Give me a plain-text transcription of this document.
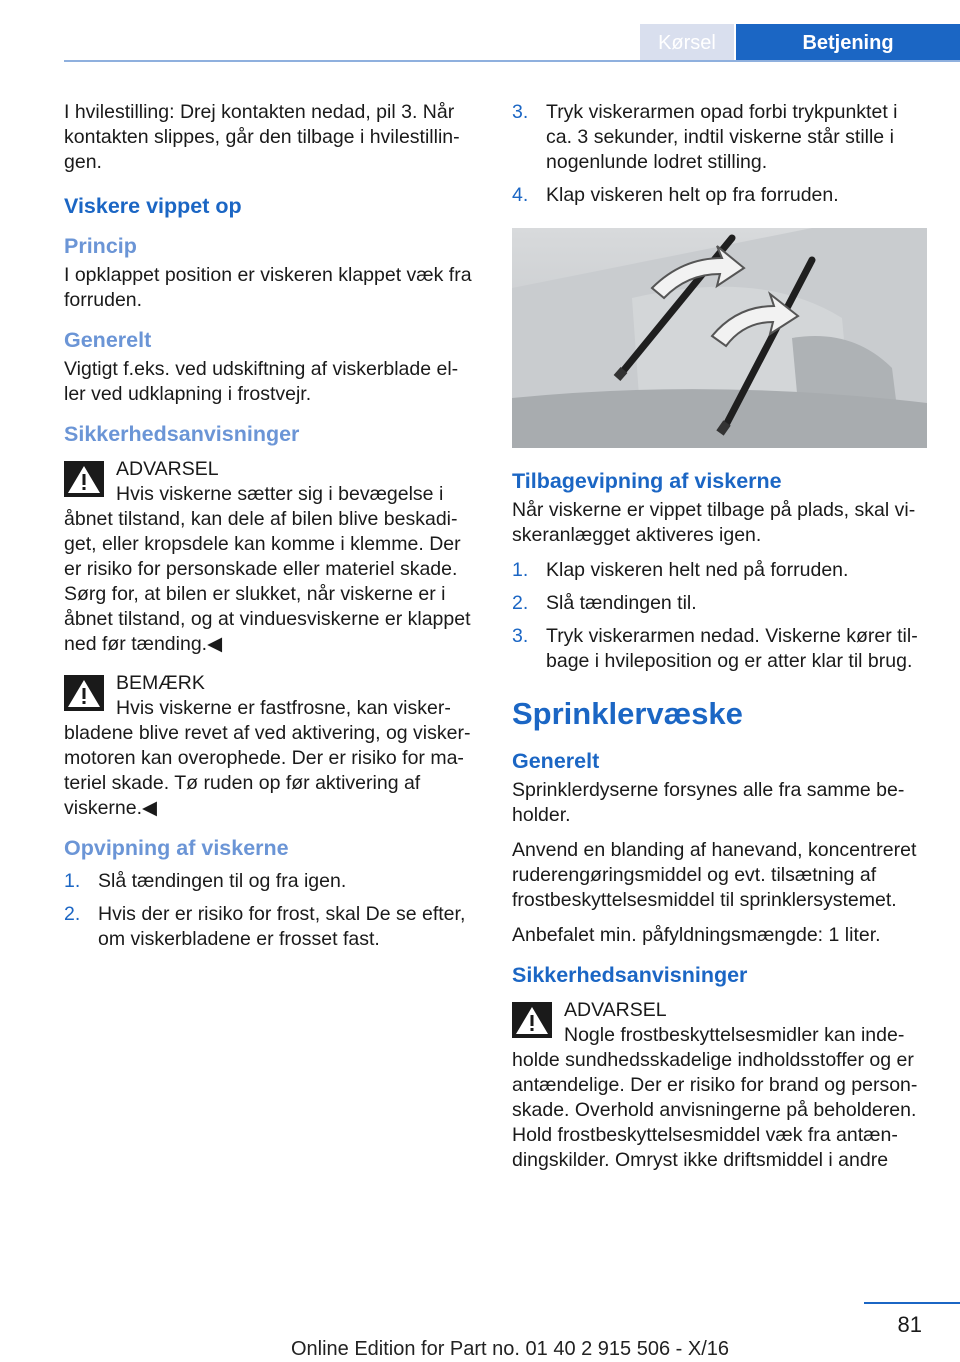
Kørsel	Betjening

I hvilestilling: Drej kontakten nedad, pil 3. Når kontakten slippes, går den tilbage i hvilestillin‐gen.

Viskere vippet op
Princip

I opklappet position er viskeren klappet væk fra forruden.

Generelt

Vigtigt f.eks. ved udskiftning af viskerblade el‐ler ved udklapning i frostvejr.

Sikkerhedsanvisninger

ADVARSEL
Hvis viskerne sætter sig i bevægelse i åbnet tilstand, kan dele af bilen blive beskadi‐get, eller kropsdele kan komme i klemme. Der er risiko for personskade eller materiel skade. Sørg for, at bilen er slukket, når viskerne er i åbnet tilstand, og at vinduesviskerne er klappet ned før tænding.◀

BEMÆRK
Hvis viskerne er fastfrosne, kan visker‐bladene blive revet af ved aktivering, og visker‐motoren kan overophede. Der er risiko for ma‐teriel skade. Tø ruden op før aktivering af viskerne.◀

Opvipning af viskerne
1. Slå tændingen til og fra igen.
2. Hvis der er risiko for frost, skal De se efter, om viskerbladene er frosset fast.
3. Tryk viskerarmen opad forbi trykpunktet i ca. 3 sekunder, indtil viskerne står stille i nogenlunde lodret stilling.
4. Klap viskeren helt op fra forruden.
Tilbagevipning af viskerne

Når viskerne er vippet tilbage på plads, skal vi‐skeranlægget aktiveres igen.

1. Klap viskeren helt ned på forruden.
2. Slå tændingen til.
3. Tryk viskerarmen nedad. Viskerne kører til‐bage i hvileposition og er atter klar til brug.
Sprinklervæske
Generelt

Sprinklerdyserne forsynes alle fra samme be‐holder.

Anvend en blanding af hanevand, koncentreret ruderengøringsmiddel og evt. tilsætning af frostbeskyttelsesmiddel til sprinklersystemet.

Anbefalet min. påfyldningsmængde: 1 liter.

Sikkerhedsanvisninger

ADVARSEL
Nogle frostbeskyttelsesmidler kan inde‐holde sundhedsskadelige indholdsstoffer og er antændelige. Der er risiko for brand og person‐skade. Overhold anvisningerne på beholderen. Hold frostbeskyttelsesmiddel væk fra antæn‐dingskilder. Omryst ikke driftsmiddel i andre

81
Online Edition for Part no. 01 40 2 915 506 - X/16
